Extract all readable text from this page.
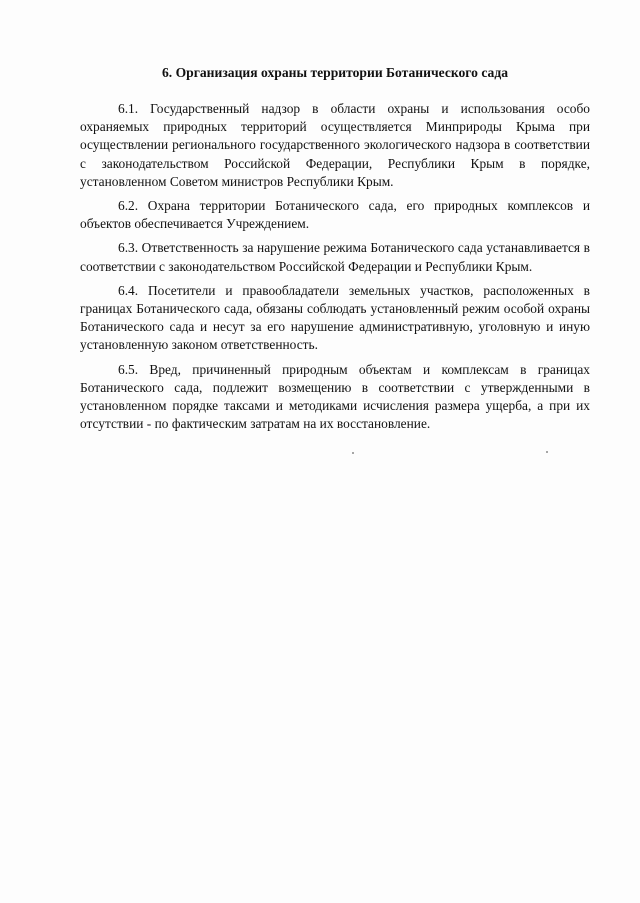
6. Организация охраны территории Ботанического сада

6.1. Государственный надзор в области охраны и использования особо охраняемых природных территорий осуществляется Минприроды Крыма при осуществлении регионального государственного экологического надзора в соответствии с законодательством Российской Федерации, Республики Крым в порядке, установленном Советом министров Республики Крым.

6.2. Охрана территории Ботанического сада, его природных комплексов и объектов обеспечивается Учреждением.

6.3. Ответственность за нарушение режима Ботанического сада устанавливается в соответствии с законодательством Российской Федерации и Республики Крым.

6.4. Посетители и правообладатели земельных участков, расположенных в границах Ботанического сада, обязаны соблюдать установленный режим особой охраны Ботанического сада и несут за его нарушение административную, уголовную и иную установленную законом ответственность.

6.5. Вред, причиненный природным объектам и комплексам в границах Ботанического сада, подлежит возмещению в соответствии с утвержденными в установленном порядке таксами и методиками исчисления размера ущерба, а при их отсутствии - по фактическим затратам на их восстановление.
